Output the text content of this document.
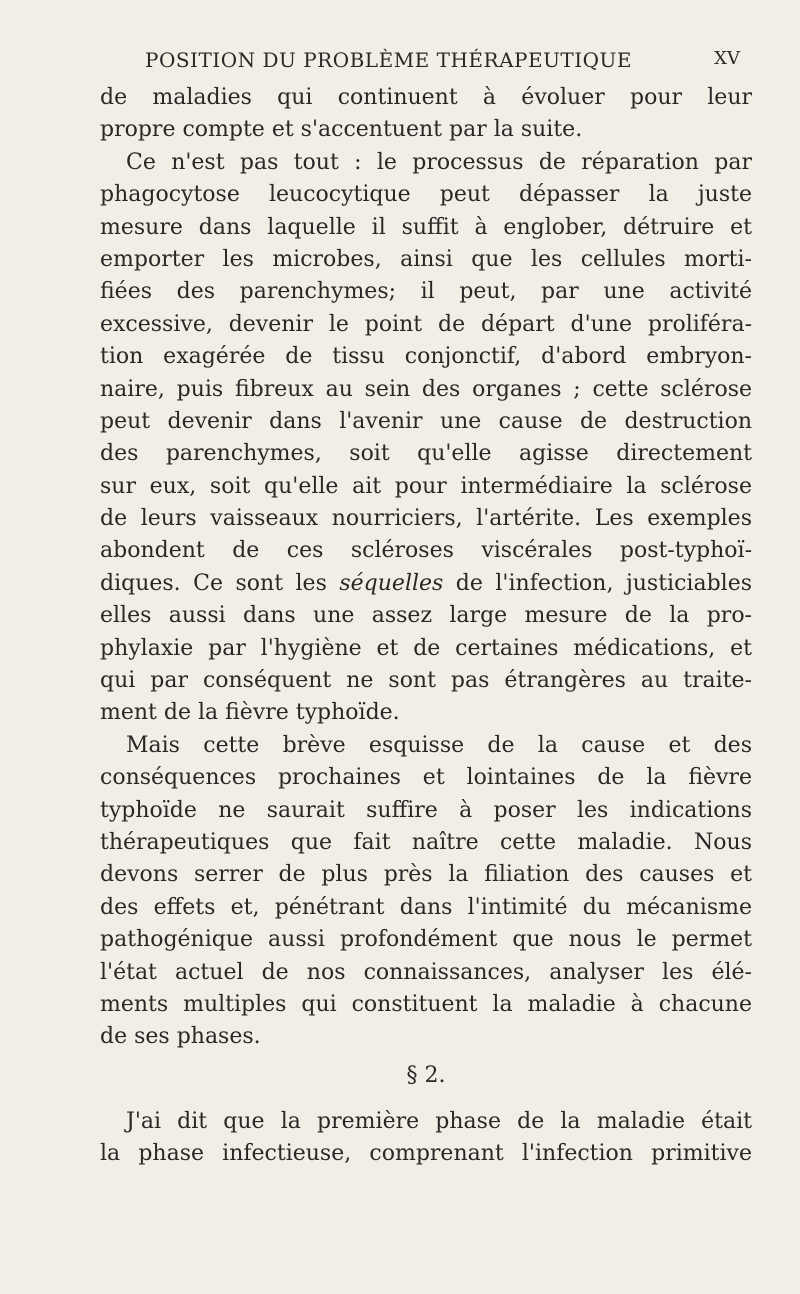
POSITION DU PROBLÈME THÉRAPEUTIQUE	XV
de maladies qui continuent à évoluer pour leur
propre compte et s'accentuent par la suite.
Ce n'est pas tout : le processus de réparation par
phagocytose leucocytique peut dépasser la juste
mesure dans laquelle il suffit à englober, détruire et
emporter les microbes, ainsi que les cellules morti-
fiées des parenchymes; il peut, par une activité
excessive, devenir le point de départ d'une proliféra-
tion exagérée de tissu conjonctif, d'abord embryon-
naire, puis fibreux au sein des organes ; cette sclérose
peut devenir dans l'avenir une cause de destruction
des parenchymes, soit qu'elle agisse directement
sur eux, soit qu'elle ait pour intermédiaire la sclérose
de leurs vaisseaux nourriciers, l'artérite. Les exemples
abondent de ces scléroses viscérales post-typhoï-
diques. Ce sont les séquelles de l'infection, justiciables
elles aussi dans une assez large mesure de la pro-
phylaxie par l'hygiène et de certaines médications, et
qui par conséquent ne sont pas étrangères au traite-
ment de la fièvre typhoïde.
Mais cette brève esquisse de la cause et des
conséquences prochaines et lointaines de la fièvre
typhoïde ne saurait suffire à poser les indications
thérapeutiques que fait naître cette maladie. Nous
devons serrer de plus près la filiation des causes et
des effets et, pénétrant dans l'intimité du mécanisme
pathogénique aussi profondément que nous le permet
l'état actuel de nos connaissances, analyser les élé-
ments multiples qui constituent la maladie à chacune
de ses phases.
§ 2.
J'ai dit que la première phase de la maladie était
la phase infectieuse, comprenant l'infection primitive
